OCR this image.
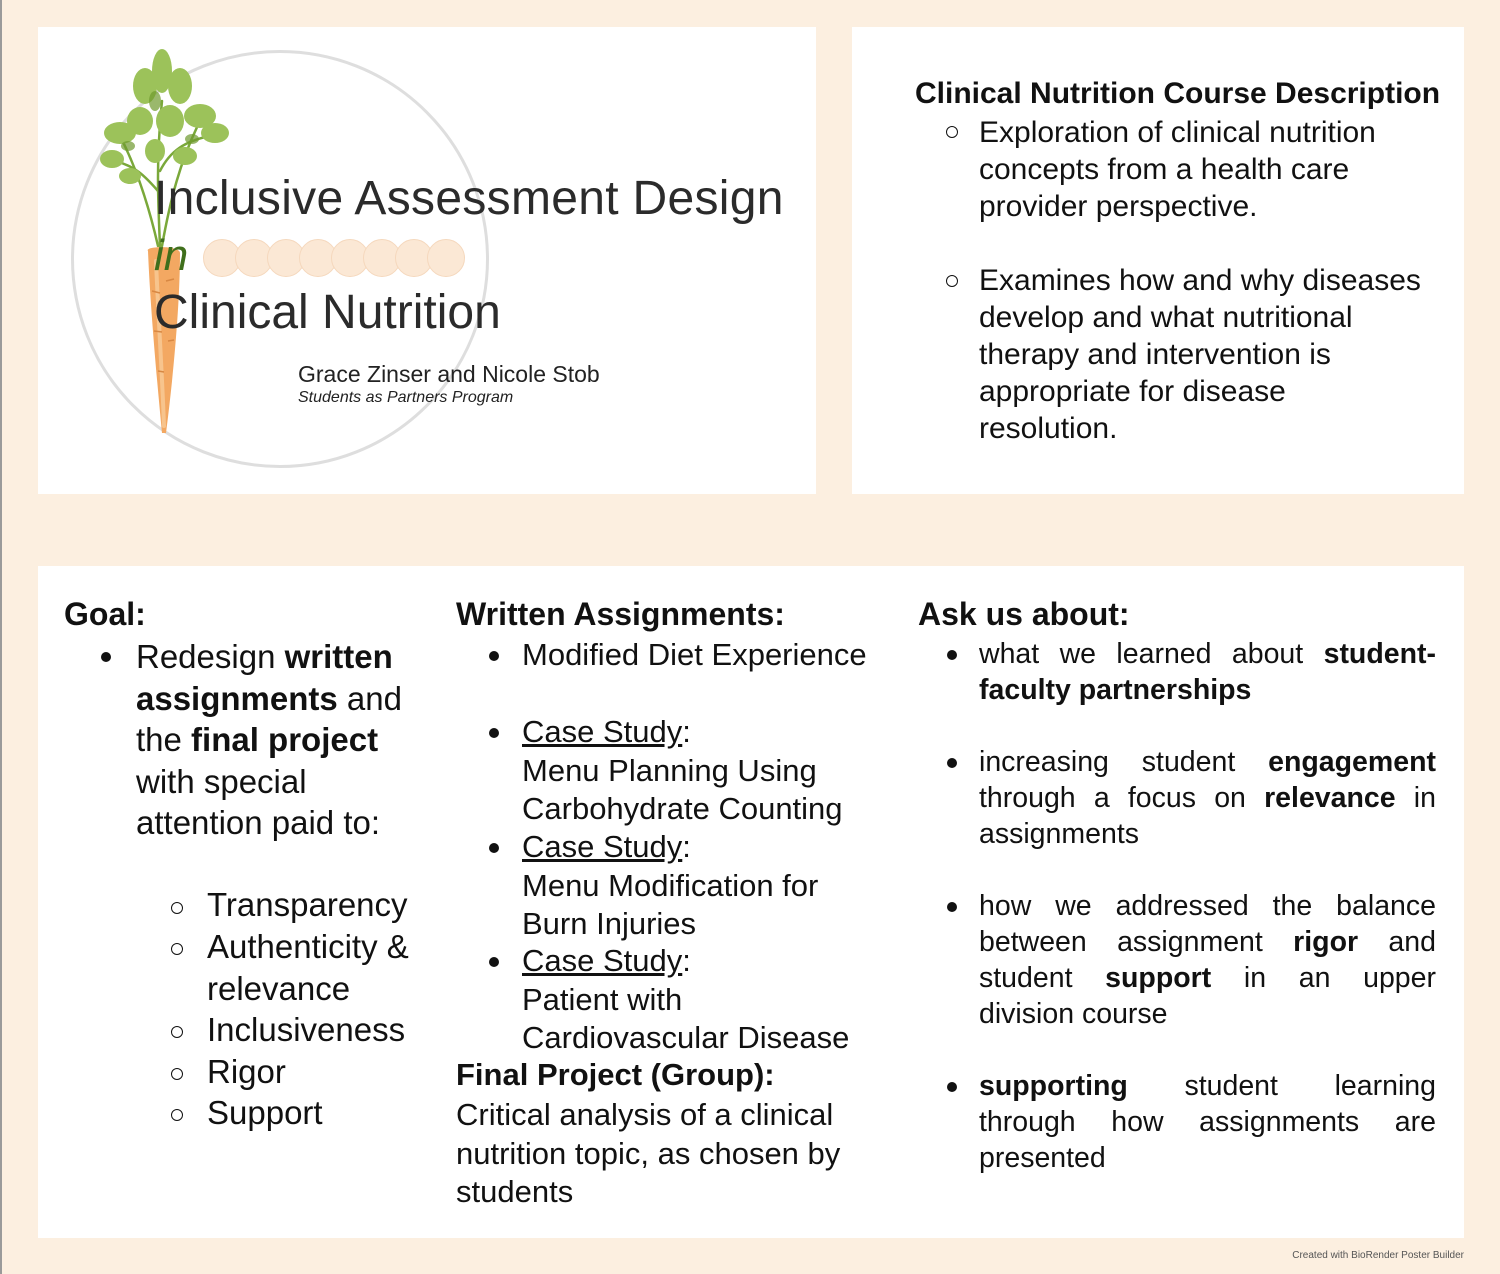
Inclusive Assessment Design
in
Clinical Nutrition
Grace Zinser and Nicole Stob
Students as Partners Program
Clinical Nutrition Course Description
Exploration of clinical nutrition concepts from a health care provider perspective.
Examines how and why diseases develop and what nutritional therapy and intervention is appropriate for disease resolution.
Goal:
Redesign written assignments and the final project with special attention paid to:
Transparency
Authenticity & relevance
Inclusiveness
Rigor
Support
Written Assignments:
Modified Diet Experience
Case Study:
Menu Planning Using Carbohydrate Counting
Case Study:
Menu Modification for Burn Injuries
Case Study:
Patient with Cardiovascular Disease
Final Project (Group):
Critical analysis of a clinical nutrition topic, as chosen by students
Ask us about:
what we learned about student-faculty partnerships
increasing student engagement through a focus on relevance in assignments
how we addressed the balance between assignment rigor and student support in an upper division course
supporting student learning through how assignments are presented
Created with BioRender Poster Builder
